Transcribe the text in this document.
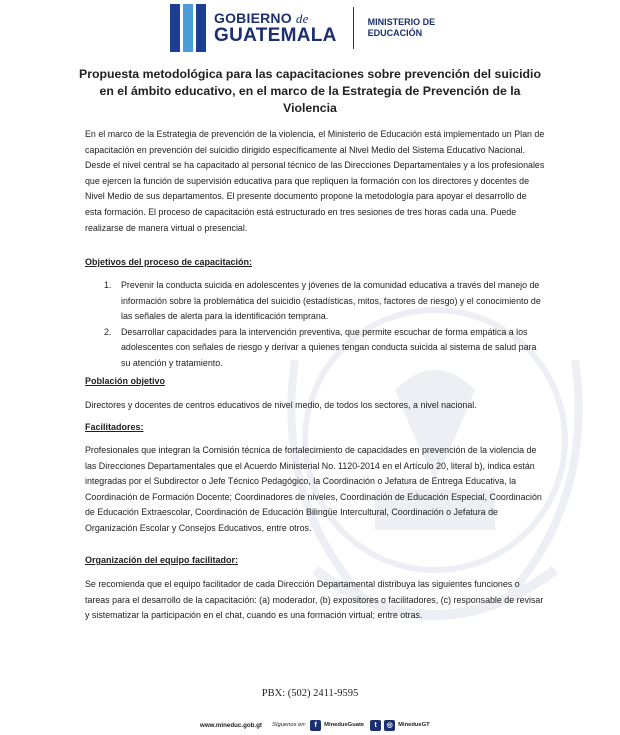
GOBIERNO de
GUATEMALA
MINISTERIO DE
EDUCACIÓN
Propuesta metodológica para las capacitaciones sobre prevención del suicidio
en el ámbito educativo, en el marco de la Estrategia de Prevención de la
Violencia

En el marco de la Estrategia de prevención de la violencia, el Ministerio de Educación está implementado un Plan de capacitación en prevención del suicidio dirigido específicamente al Nivel Medio del Sistema Educativo Nacional. Desde el nivel central se ha capacitado al personal técnico de las Direcciones Departamentales y a los profesionales que ejercen la función de supervisión educativa para que repliquen la formación con los directores y docentes de Nivel Medio de sus departamentos. El presente documento propone la metodología para apoyar el desarrollo de esta formación. El proceso de capacitación está estructurado en tres sesiones de tres horas cada una. Puede realizarse de manera virtual o presencial.

Objetivos del proceso de capacitación:

1. Prevenir la conducta suicida en adolescentes y jóvenes de la comunidad educativa a través del manejo de información sobre la problemática del suicidio (estadísticas, mitos, factores de riesgo) y el conocimiento de las señales de alerta para la identificación temprana.
2. Desarrollar capacidades para la intervención preventiva, que permite escuchar de forma empática a los adolescentes con señales de riesgo y derivar a quienes tengan conducta suicida al sistema de salud para su atención y tratamiento.

Población objetivo

Directores y docentes de centros educativos de nivel medio, de todos los sectores, a nivel nacional.

Facilitadores:

Profesionales que integran la Comisión técnica de fortalecimiento de capacidades en prevención de la violencia de las Direcciones Departamentales que el Acuerdo Ministerial No. 1120-2014 en el Artículo 20, literal b), indica están integradas por el Subdirector o Jefe Técnico Pedagógico, la Coordinación o Jefatura de Entrega Educativa, la Coordinación de Formación Docente; Coordinadores de niveles, Coordinación de Educación Especial, Coordinación de Educación Extraescolar, Coordinación de Educación Bilingüe Intercultural, Coordinación o Jefatura de Organización Escolar y Consejos Educativos, entre otros.

Organización del equipo facilitador:

Se recomienda que el equipo facilitador de cada Dirección Departamental distribuya las siguientes funciones o tareas para el desarrollo de la capacitación: (a) moderador, (b) expositores o facilitadores, (c) responsable de revisar y sistematizar la participación en el chat, cuando es una formación virtual; entre otras.

PBX: (502) 2411-9595
www.mineduc.gob.gt Síguenos en:	f	MinedueGuate	t	◎ MinedueGT
